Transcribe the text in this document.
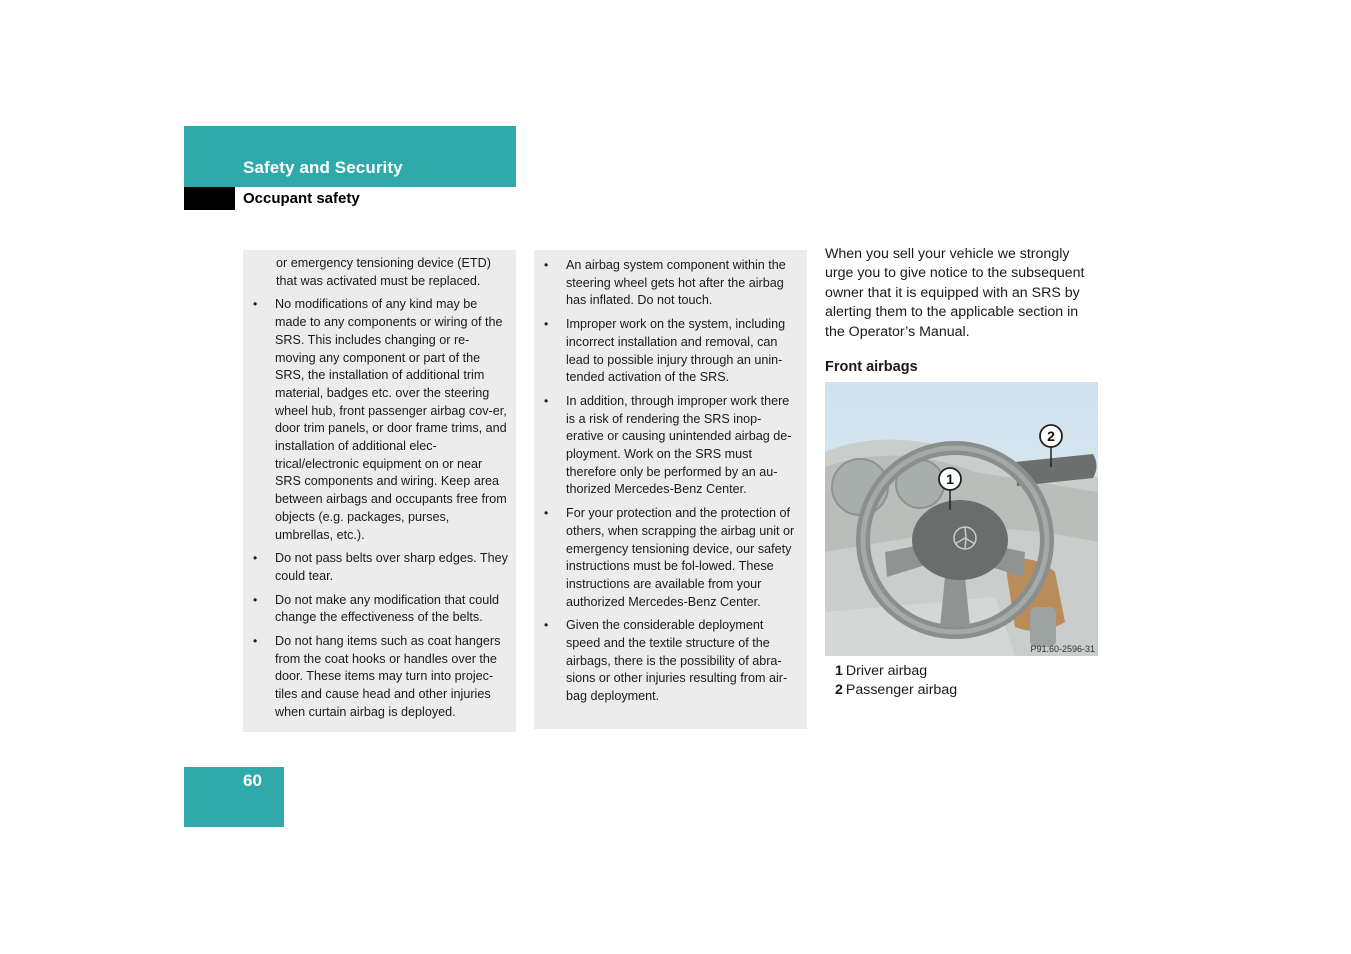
Safety and Security
Occupant safety

or emergency tensioning device (ETD) that was activated must be replaced.

• No modifications of any kind may be made to any components or wiring of the SRS. This includes changing or re-moving any component or part of the SRS, the installation of additional trim material, badges etc. over the steering wheel hub, front passenger airbag cov-er, door trim panels, or door frame trims, and installation of additional elec-trical/electronic equipment on or near SRS components and wiring. Keep area between airbags and occupants free from objects (e.g. packages, purses, umbrellas, etc.).
• Do not pass belts over sharp edges. They could tear.
• Do not make any modification that could change the effectiveness of the belts.
• Do not hang items such as coat hangers from the coat hooks or handles over the door. These items may turn into projec-tiles and cause head and other injuries when curtain airbag is deployed.
• An airbag system component within the steering wheel gets hot after the airbag has inflated. Do not touch.
• Improper work on the system, including incorrect installation and removal, can lead to possible injury through an unin-tended activation of the SRS.
• In addition, through improper work there is a risk of rendering the SRS inop-erative or causing unintended airbag de-ployment. Work on the SRS must therefore only be performed by an au-thorized Mercedes-Benz Center.
• For your protection and the protection of others, when scrapping the airbag unit or emergency tensioning device, our safety instructions must be fol-lowed. These instructions are available from your authorized Mercedes-Benz Center.
• Given the considerable deployment speed and the textile structure of the airbags, there is the possibility of abra-sions or other injuries resulting from air-bag deployment.

When you sell your vehicle we strongly urge you to give notice to the subsequent owner that it is equipped with an SRS by alerting them to the applicable section in the Operator’s Manual.

Front airbags
1
2
P91.60-2596-31
1 Driver airbag
2 Passenger airbag
60
